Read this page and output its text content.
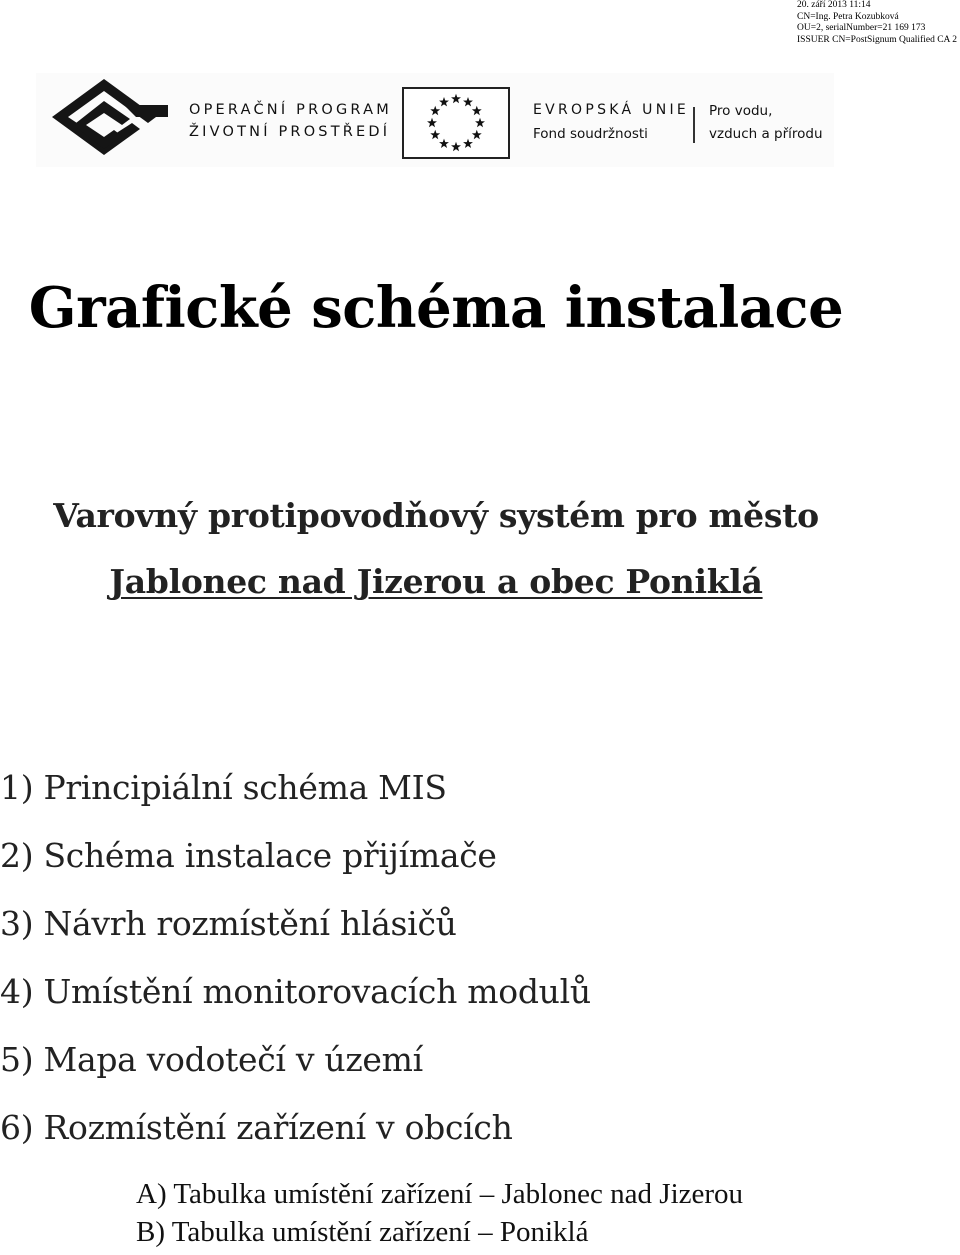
20. září 2013 11:14
CN=Ing. Petra Kozubková
OU=2, serialNumber=21 169 173
ISSUER CN=PostSignum Qualified CA 2
OPERAČNÍ PROGRAM
ŽIVOTNÍ PROSTŘEDÍ
EVROPSKÁ UNIE
Fond soudržnosti
Pro vodu,
vzduch a přírodu
Grafické schéma instalace
Varovný protipovodňový systém pro město
Jablonec nad Jizerou a obec Poniklá
1) Principiální schéma MIS
2) Schéma instalace přijímače
3) Návrh rozmístění hlásičů
4) Umístění monitorovacích modulů
5) Mapa vodotečí v území
6) Rozmístění zařízení v obcích
A) Tabulka umístění zařízení – Jablonec nad Jizerou
B) Tabulka umístění zařízení – Poniklá
